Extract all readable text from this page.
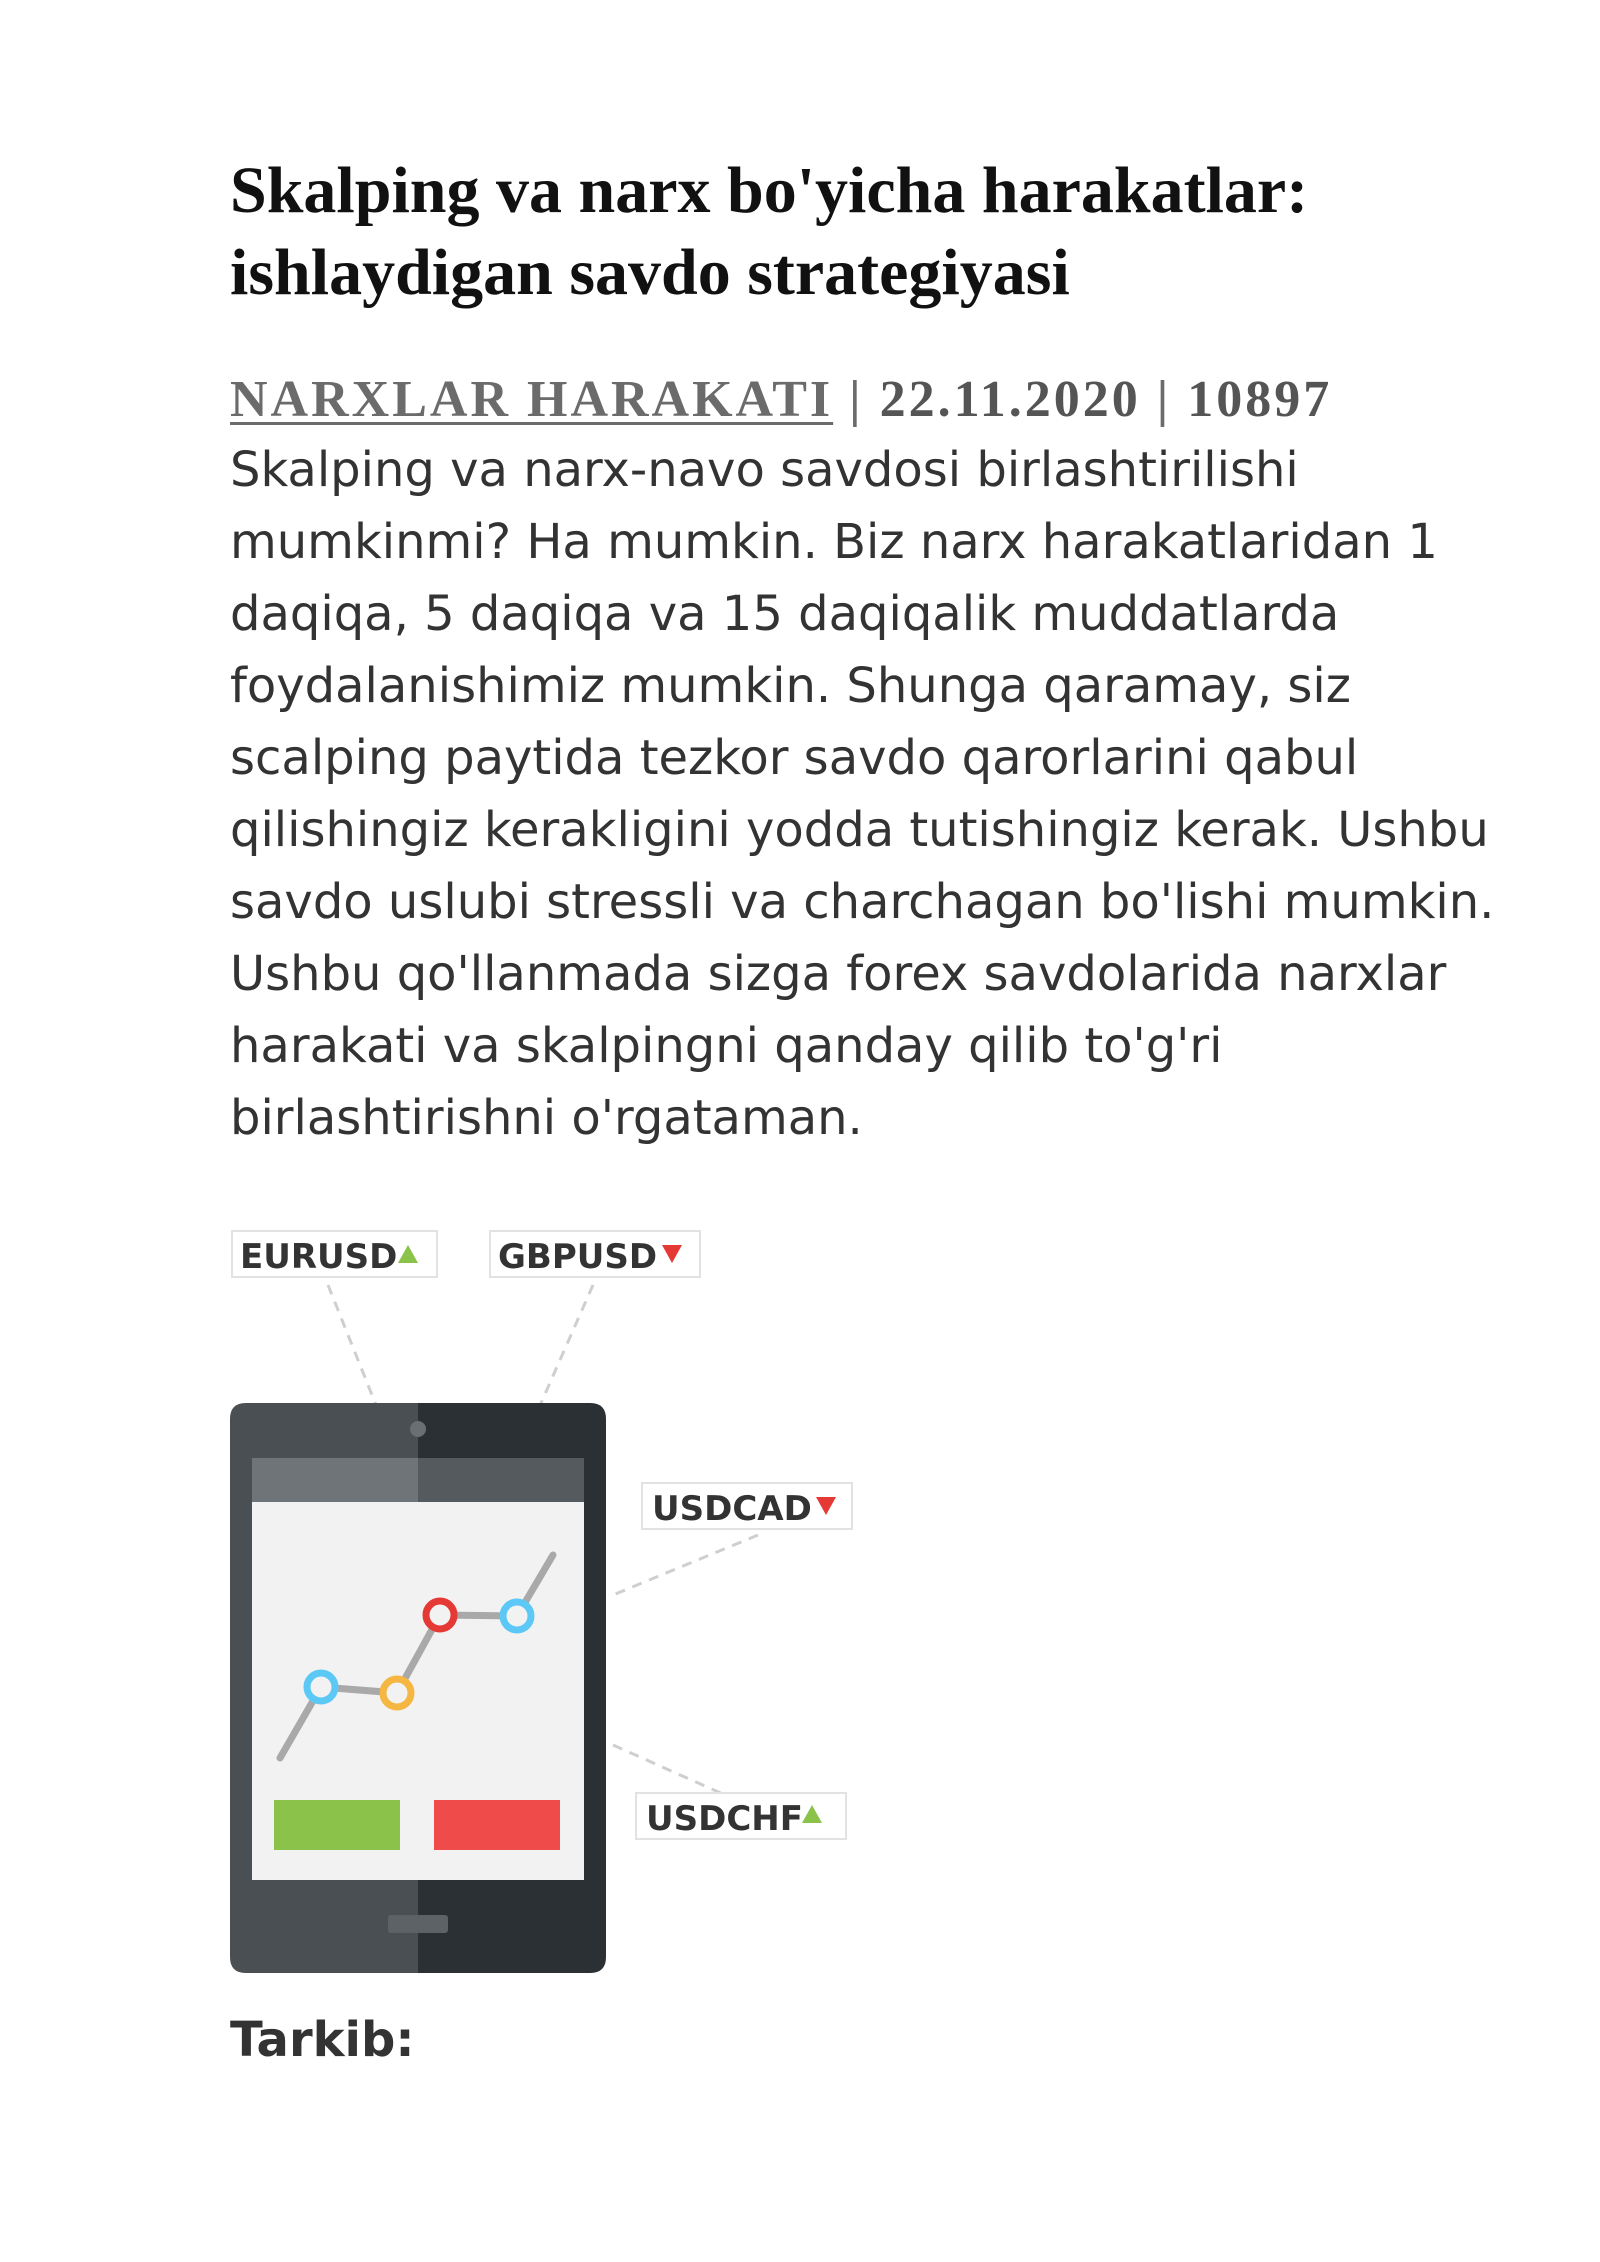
Skalping va narx bo'yicha harakatlar: ishlaydigan savdo strategiyasi
NARXLAR HARAKATI | 22.11.2020 | 10897

Skalping va narx-navo savdosi birlashtirilishi mumkinmi? Ha mumkin. Biz narx harakatlaridan 1 daqiqa, 5 daqiqa va 15 daqiqalik muddatlarda foydalanishimiz mumkin. Shunga qaramay, siz scalping paytida tezkor savdo qarorlarini qabul qilishingiz kerakligini yodda tutishingiz kerak. Ushbu savdo uslubi stressli va charchagan bo'lishi mumkin. Ushbu qo'llanmada sizga forex savdolarida narxlar harakati va skalpingni qanday qilib to'g'ri birlashtirishni o'rgataman.

EURUSD	GBPUSD
USDCAD
USDCHF
Tarkib:
